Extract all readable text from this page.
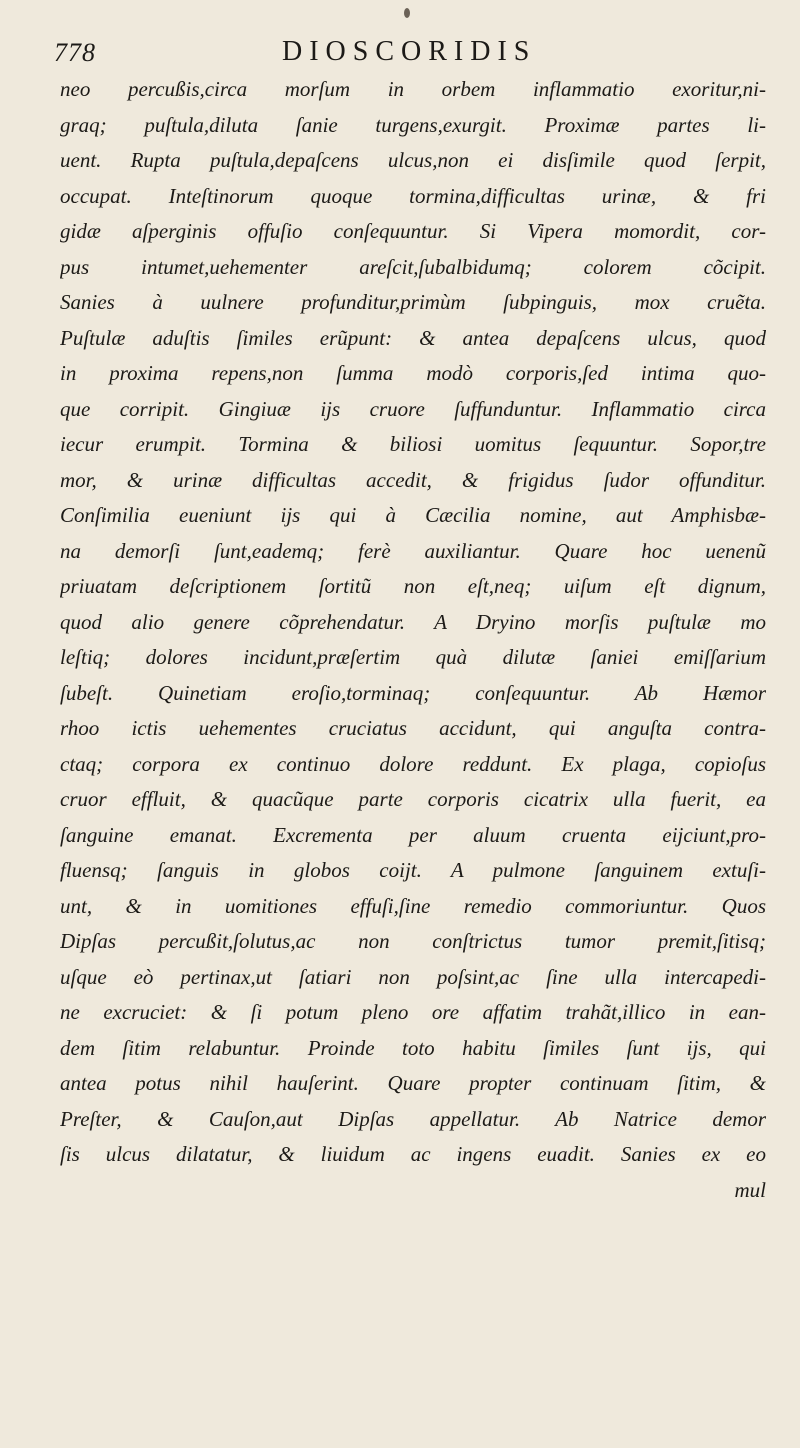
778	DIOSCORIDIS
neo percußis,circa morſum in orbem inflammatio exoritur,ni-
graq; puſtula,diluta ſanie turgens,exurgit. Proximæ partes li-
uent. Rupta puſtula,depaſcens ulcus,non ei disſimile quod ſerpit,
occupat. Inteſtinorum quoque tormina,difficultas urinæ, & fri
gidæ aſperginis offuſio conſequuntur. Si Vipera momordit, cor-
pus intumet,uehementer areſcit,ſubalbidumq; colorem cõcipit.
Sanies à uulnere profunditur,primùm ſubpinguis, mox cruẽta.
Puſtulæ aduſtis ſimiles erũpunt: & antea depaſcens ulcus, quod
in proxima repens,non ſumma modò corporis,ſed intima quo-
que corripit. Gingiuæ ijs cruore ſuffunduntur. Inflammatio circa
iecur erumpit. Tormina & biliosi uomitus ſequuntur. Sopor,tre
mor, & urinæ difficultas accedit, & frigidus ſudor offunditur.
Conſimilia eueniunt ijs qui à Cæcilia nomine, aut Amphisbæ-
na demorſi ſunt,eademq; ferè auxiliantur. Quare hoc uenenũ
priuatam deſcriptionem ſortitũ non eſt,neq; uiſum eſt dignum,
quod alio genere cõprehendatur. A Dryino morſis puſtulæ mo
leſtiq; dolores incidunt,præſertim quà dilutæ ſaniei emiſſarium
ſubeſt. Quinetiam eroſio,torminaq; conſequuntur. Ab Hæmor
rhoo ictis uehementes cruciatus accidunt, qui anguſta contra-
ctaq; corpora ex continuo dolore reddunt. Ex plaga, copioſus
cruor effluit, & quacũque parte corporis cicatrix ulla fuerit, ea
ſanguine emanat. Excrementa per aluum cruenta eijciunt,pro-
fluensq; ſanguis in globos coijt. A pulmone ſanguinem extuſi-
unt, & in uomitiones effuſi,ſine remedio commoriuntur. Quos
Dipſas percußit,ſolutus,ac non conſtrictus tumor premit,ſitisq;
uſque eò pertinax,ut ſatiari non poſsint,ac ſine ulla intercapedi-
ne excruciet: & ſi potum pleno ore affatim trahãt,illico in ean-
dem ſitim relabuntur. Proinde toto habitu ſimiles ſunt ijs, qui
antea potus nihil hauſerint. Quare propter continuam ſitim, &
Preſter, & Cauſon,aut Dipſas appellatur. Ab Natrice demor
ſis ulcus dilatatur, & liuidum ac ingens euadit. Sanies ex eo
mul
